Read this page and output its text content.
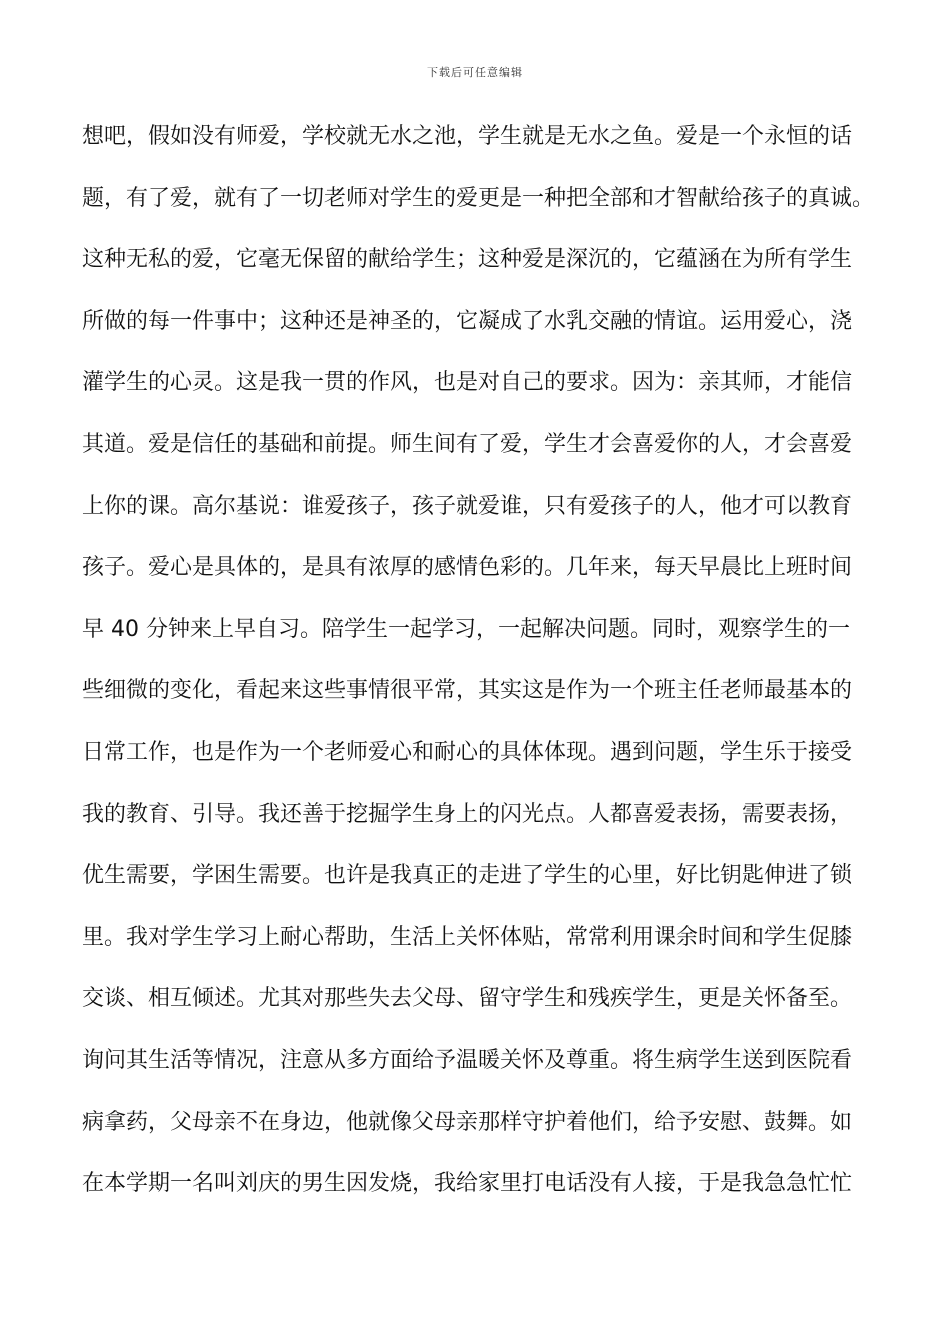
下载后可任意编辑
想吧，假如没有师爱，学校就无水之池，学生就是无水之鱼。爱是一个永恒的话
题，有了爱，就有了一切老师对学生的爱更是一种把全部和才智献给孩子的真诚。
这种无私的爱，它毫无保留的献给学生；这种爱是深沉的，它蕴涵在为所有学生
所做的每一件事中；这种还是神圣的，它凝成了水乳交融的情谊。运用爱心，浇
灌学生的心灵。这是我一贯的作风，也是对自己的要求。因为：亲其师，才能信
其道。爱是信任的基础和前提。师生间有了爱，学生才会喜爱你的人，才会喜爱
上你的课。高尔基说：谁爱孩子，孩子就爱谁，只有爱孩子的人，他才可以教育
孩子。爱心是具体的，是具有浓厚的感情色彩的。几年来，每天早晨比上班时间
早 40 分钟来上早自习。陪学生一起学习，一起解决问题。同时，观察学生的一
些细微的变化，看起来这些事情很平常，其实这是作为一个班主任老师最基本的
日常工作，也是作为一个老师爱心和耐心的具体体现。遇到问题，学生乐于接受
我的教育、引导。我还善于挖掘学生身上的闪光点。人都喜爱表扬，需要表扬，
优生需要，学困生需要。也许是我真正的走进了学生的心里，好比钥匙伸进了锁
里。我对学生学习上耐心帮助，生活上关怀体贴，常常利用课余时间和学生促膝
交谈、相互倾述。尤其对那些失去父母、留守学生和残疾学生，更是关怀备至。
询问其生活等情况，注意从多方面给予温暖关怀及尊重。将生病学生送到医院看
病拿药，父母亲不在身边，他就像父母亲那样守护着他们，给予安慰、鼓舞。如
在本学期一名叫刘庆的男生因发烧，我给家里打电话没有人接，于是我急急忙忙
